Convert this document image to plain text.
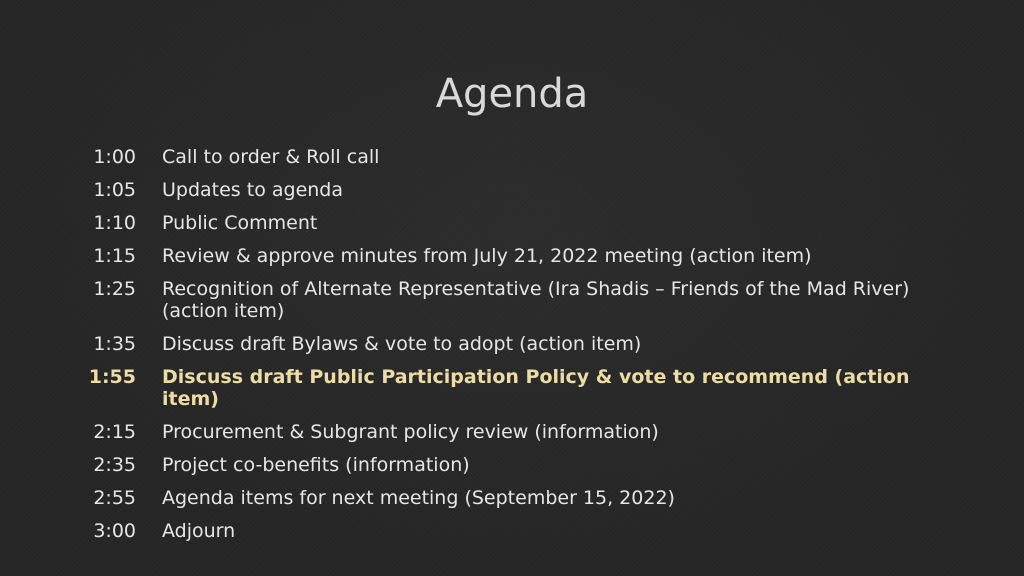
Agenda
1:00 Call to order & Roll call
1:05 Updates to agenda
1:10 Public Comment
1:15 Review & approve minutes from July 21, 2022 meeting (action item)
1:25 Recognition of Alternate Representative (Ira Shadis – Friends of the Mad River) (action item)
1:35 Discuss draft Bylaws & vote to adopt (action item)
1:55 Discuss draft Public Participation Policy & vote to recommend (action item)
2:15 Procurement & Subgrant policy review (information)
2:35 Project co-benefits (information)
2:55 Agenda items for next meeting (September 15, 2022)
3:00 Adjourn
